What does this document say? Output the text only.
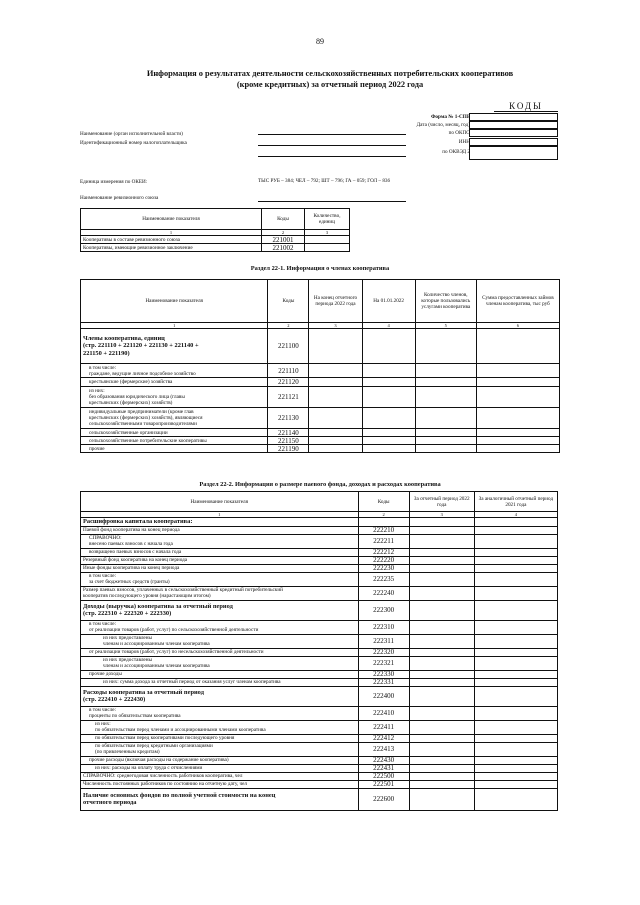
89
Информация о результатах деятельности сельскохозяйственных потребительских кооперативов
(кроме кредитных) за отчетный период 2022 года
КОДЫ
Форма № 1-СПР
Дата (число, месяц, год)
по ОКПО
ИНН
по ОКВЭД 2
Наименование (орган исполнительной власти)
Идентификационный номер налогоплательщика
Единица измерения по ОКЕИ:	ТЫС РУБ – 384; ЧЕЛ – 792; ШТ – 796; ГА – 059; ГОЛ – 836
Наименование ревизионного союза
Наименование показателя	Коды	Количество, единиц
1	2	3
Кооперативы в составе ревизионного союза	221001	
Кооперативы, имеющие ревизионное заключение	221002	
Раздел 22-1. Информация о членах кооператива
Наименование показателя	Коды	На конец отчетного периода 2022 года	На 01.01.2022	Количество членов, которые пользовались услугами кооператива	Сумма предоставленных займов членам кооператива, тыс руб
1	2	3	4	5	6
Члены кооператива, единиц
(стр. 221110 + 221120 + 221130 + 221140 +
221150 + 221190)	221100				
в том числе:
граждане, ведущие личное подсобное хозяйство	221110				
крестьянские (фермерские) хозяйства	221120				
из них:
без образования юридического лица (главы
крестьянских (фермерских) хозяйств)	221121				
индивидуальные предприниматели (кроме глав
крестьянских (фермерских) хозяйств), являющиеся
сельскохозяйственными товаропроизводителями	221130				
сельскохозяйственные организации	221140				
сельскохозяйственные потребительские кооперативы	221150				
прочие	221190				
Раздел 22-2. Информация о размере паевого фонда, доходах и расходах кооператива
Наименование показателя	Коды	За отчетный период 2022 года	За аналогичный отчетный период 2021 года
1	2	3	4
Расшифровка капитала кооператива:			
Паевой фонд кооператива на конец периода	222210		
СПРАВОЧНО:
внесено паевых взносов с начала года	222211		
возвращено паевых взносов с начала года	222212		
Резервный фонд кооператива на конец периода	222220		
Иные фонды кооператива на конец периода	222230		
в том числе:
за счет бюджетных средств (гранты)	222235		
Размер паевых взносов, уплаченных в сельскохозяйственный кредитный потребительский
кооператив последующего уровня (нарастающим итогом)	222240		
Доходы (выручка) кооператива за отчетный период
(стр. 222310 + 222320 + 222330)	222300		
в том числе:
от реализации товаров (работ, услуг) по сельскохозяйственной деятельности	222310		
из них предоставлены
членам и ассоциированным членам кооператива	222311		
от реализации товаров (работ, услуг) по несельскохозяйственной деятельности	222320		
из них предоставлены
членам и ассоциированным членам кооператива	222321		
прочие доходы	222330		
из них: сумма дохода за отчетный период от оказания услуг членам кооператива	222331		
Расходы кооператива за отчетный период
(стр. 222410 + 222430)	222400		
в том числе:
проценты по обязательствам кооператива	222410		
из них:
по обязательствам перед членами и ассоциированными членами кооператива	222411		
по обязательствам перед кооперативами последующего уровня	222412		
по обязательствам перед кредитными организациями
(по привлеченным кредитам)	222413		
прочие расходы (включая расходы на содержание кооператива)	222430		
из них: расходы на оплату труда с отчислениями	222431		
СПРАВОЧНО: среднегодовая численность работников кооператива, чел	222500		
Численность постоянных работников по состоянию на отчетную дату, чел	222501		
Наличие основных фондов по полной учетной стоимости на конец
отчетного периода	222600		
